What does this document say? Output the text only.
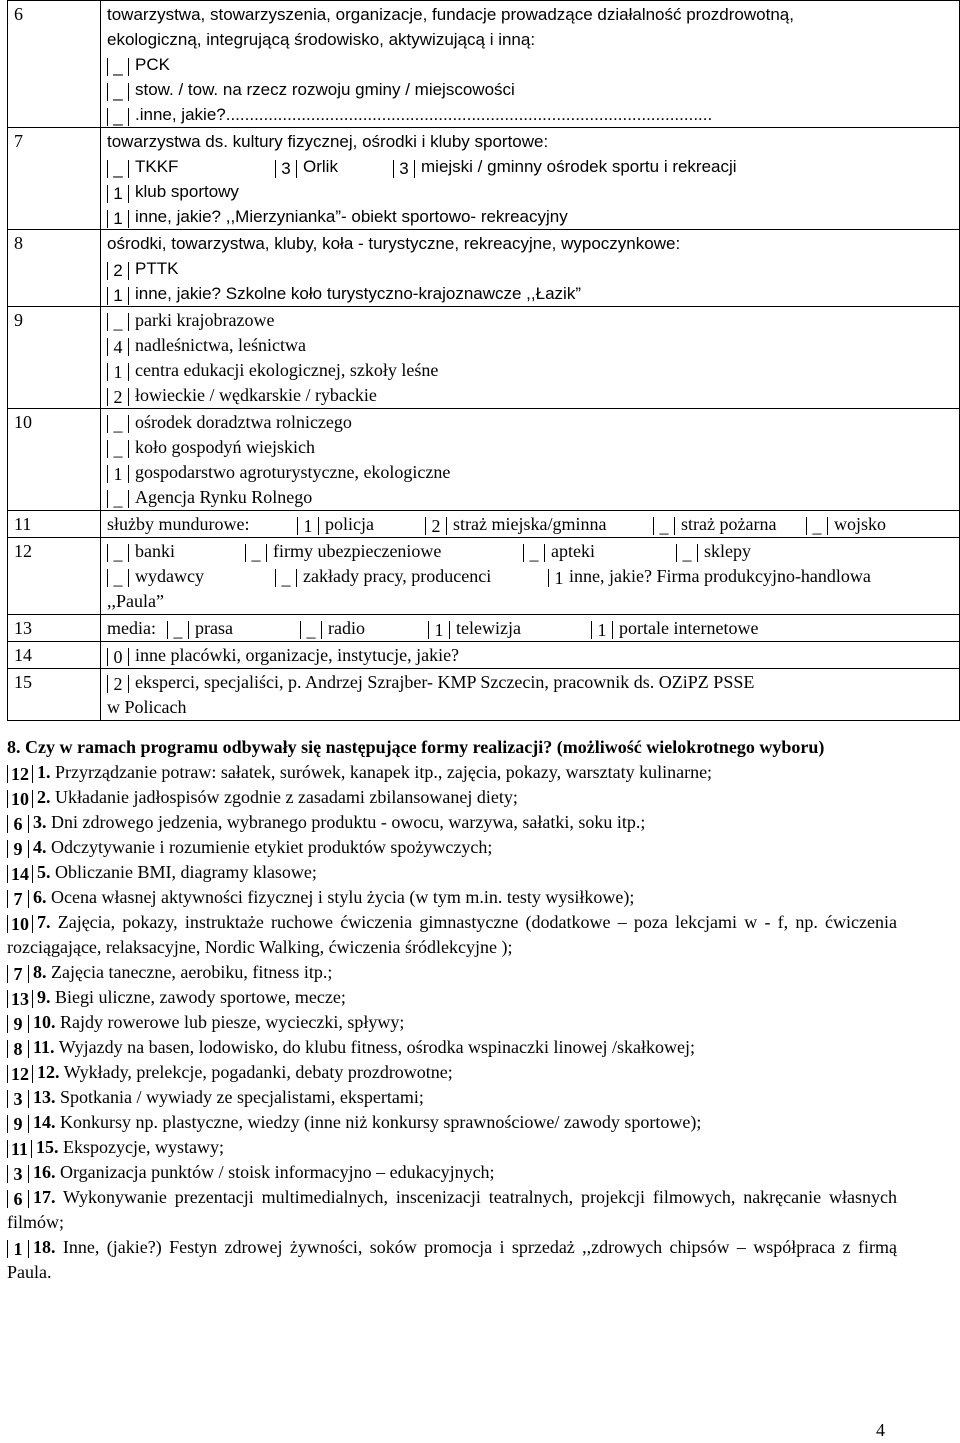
6	towarzystwa, stowarzyszenia, organizacje, fundacje prowadzące działalność prozdrowotną,
ekologiczną, integrującą środowisko, aktywizującą i inną:
_ PCK
_ stow. / tow. na rzecz rozwoju gminy / miejscowości
_ .inne, jakie?.......................................................................................................

7	towarzystwa ds. kultury fizycznej, ośrodki i kluby sportowe:
_ TKKF 3 Orlik 3 miejski / gminny ośrodek sportu i rekreacji
1 klub sportowy
1 inne, jakie? ,,Mierzynianka”- obiekt sportowo- rekreacyjny

8	ośrodki, towarzystwa, kluby, koła - turystyczne, rekreacyjne, wypoczynkowe:
2 PTTK
1 inne, jakie? Szkolne koło turystyczno-krajoznawcze ,,Łazik”

9	_ parki krajobrazowe
4 nadleśnictwa, leśnictwa
1 centra edukacji ekologicznej, szkoły leśne
2 łowieckie / wędkarskie / rybackie

10	_ ośrodek doradztwa rolniczego
_ koło gospodyń wiejskich
1 gospodarstwo agroturystyczne, ekologiczne
_ Agencja Rynku Rolnego

11	służby mundurowe: 1 policja 2 straż miejska/gminna _ straż pożarna _ wojsko

12	_ banki _ firmy ubezpieczeniowe _ apteki _ sklepy
_ wydawcy _ zakłady pracy, producenci 1 inne, jakie? Firma produkcyjno-handlowa
,,Paula”

13	media: _ prasa _ radio 1 telewizja 1 portale internetowe

14	0 inne placówki, organizacje, instytucje, jakie?

15	2 eksperci, specjaliści, p. Andrzej Szrajber- KMP Szczecin, pracownik ds. OZiPZ PSSE
w Policach
8. Czy w ramach programu odbywały się następujące formy realizacji? (możliwość wielokrotnego wyboru)
12 1. Przyrządzanie potraw: sałatek, surówek, kanapek itp., zajęcia, pokazy, warsztaty kulinarne;
10 2. Układanie jadłospisów zgodnie z zasadami zbilansowanej diety;
6 3. Dni zdrowego jedzenia, wybranego produktu - owocu, warzywa, sałatki, soku itp.;
9 4. Odczytywanie i rozumienie etykiet produktów spożywczych;
14 5. Obliczanie BMI, diagramy klasowe;
7 6. Ocena własnej aktywności fizycznej i stylu życia (w tym m.in. testy wysiłkowe);
10 7. Zajęcia, pokazy, instruktaże ruchowe ćwiczenia gimnastyczne (dodatkowe – poza lekcjami w - f, np. ćwiczenia rozciągające, relaksacyjne, Nordic Walking, ćwiczenia śródlekcyjne );
7 8. Zajęcia taneczne, aerobiku, fitness itp.;
13 9. Biegi uliczne, zawody sportowe, mecze;
9 10. Rajdy rowerowe lub piesze, wycieczki, spływy;
8 11. Wyjazdy na basen, lodowisko, do klubu fitness, ośrodka wspinaczki linowej /skałkowej;
12 12. Wykłady, prelekcje, pogadanki, debaty prozdrowotne;
3 13. Spotkania / wywiady ze specjalistami, ekspertami;
9 14. Konkursy np. plastyczne, wiedzy (inne niż konkursy sprawnościowe/ zawody sportowe);
11 15. Ekspozycje, wystawy;
3 16. Organizacja punktów / stoisk informacyjno – edukacyjnych;
6 17. Wykonywanie prezentacji multimedialnych, inscenizacji teatralnych, projekcji filmowych, nakręcanie własnych filmów;
1 18. Inne, (jakie?) Festyn zdrowej żywności, soków promocja i sprzedaż ,,zdrowych chipsów – współpraca z firmą Paula.
4
